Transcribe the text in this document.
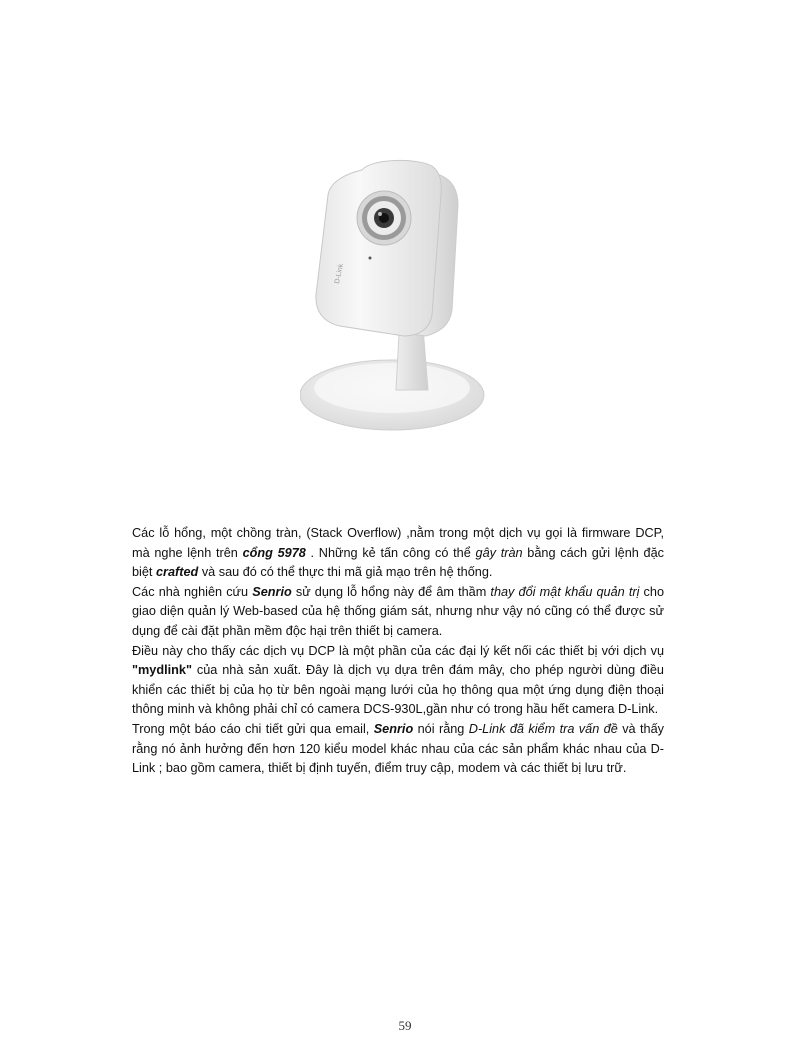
D-Link

Các lỗ hổng, một chồng tràn, (Stack Overflow) ,nằm trong một dịch vụ gọi là firmware DCP, mà nghe lệnh trên cổng 5978 . Những kẻ tấn công có thể gây tràn bằng cách gửi lệnh đặc biệt crafted và sau đó có thể thực thi mã giả mạo trên hệ thống.

Các nhà nghiên cứu Senrio sử dụng lỗ hổng này để âm thầm thay đổi mật khẩu quản trị cho giao diện quản lý Web-based của hệ thống giám sát, nhưng như vậy nó cũng có thể được sử dụng để cài đặt phần mềm độc hại trên thiết bị camera.

Điều này cho thấy các dịch vụ DCP là một phần của các đại lý kết nối các thiết bị với dịch vụ "mydlink" của nhà sản xuất. Đây là dịch vụ dựa trên đám mây, cho phép người dùng điều khiển các thiết bị của họ từ bên ngoài mạng lưới của họ thông qua một ứng dụng điện thoại thông minh và không phải chỉ có camera DCS-930L,gần như có trong hầu hết camera D-Link.

Trong một báo cáo chi tiết gửi qua email, Senrio nói rằng D-Link đã kiểm tra vấn đề và thấy rằng nó ảnh hưởng đến hơn 120 kiểu model khác nhau của các sản phẩm khác nhau của D-Link ; bao gồm camera, thiết bị định tuyến, điểm truy cập, modem và các thiết bị lưu trữ.

59
